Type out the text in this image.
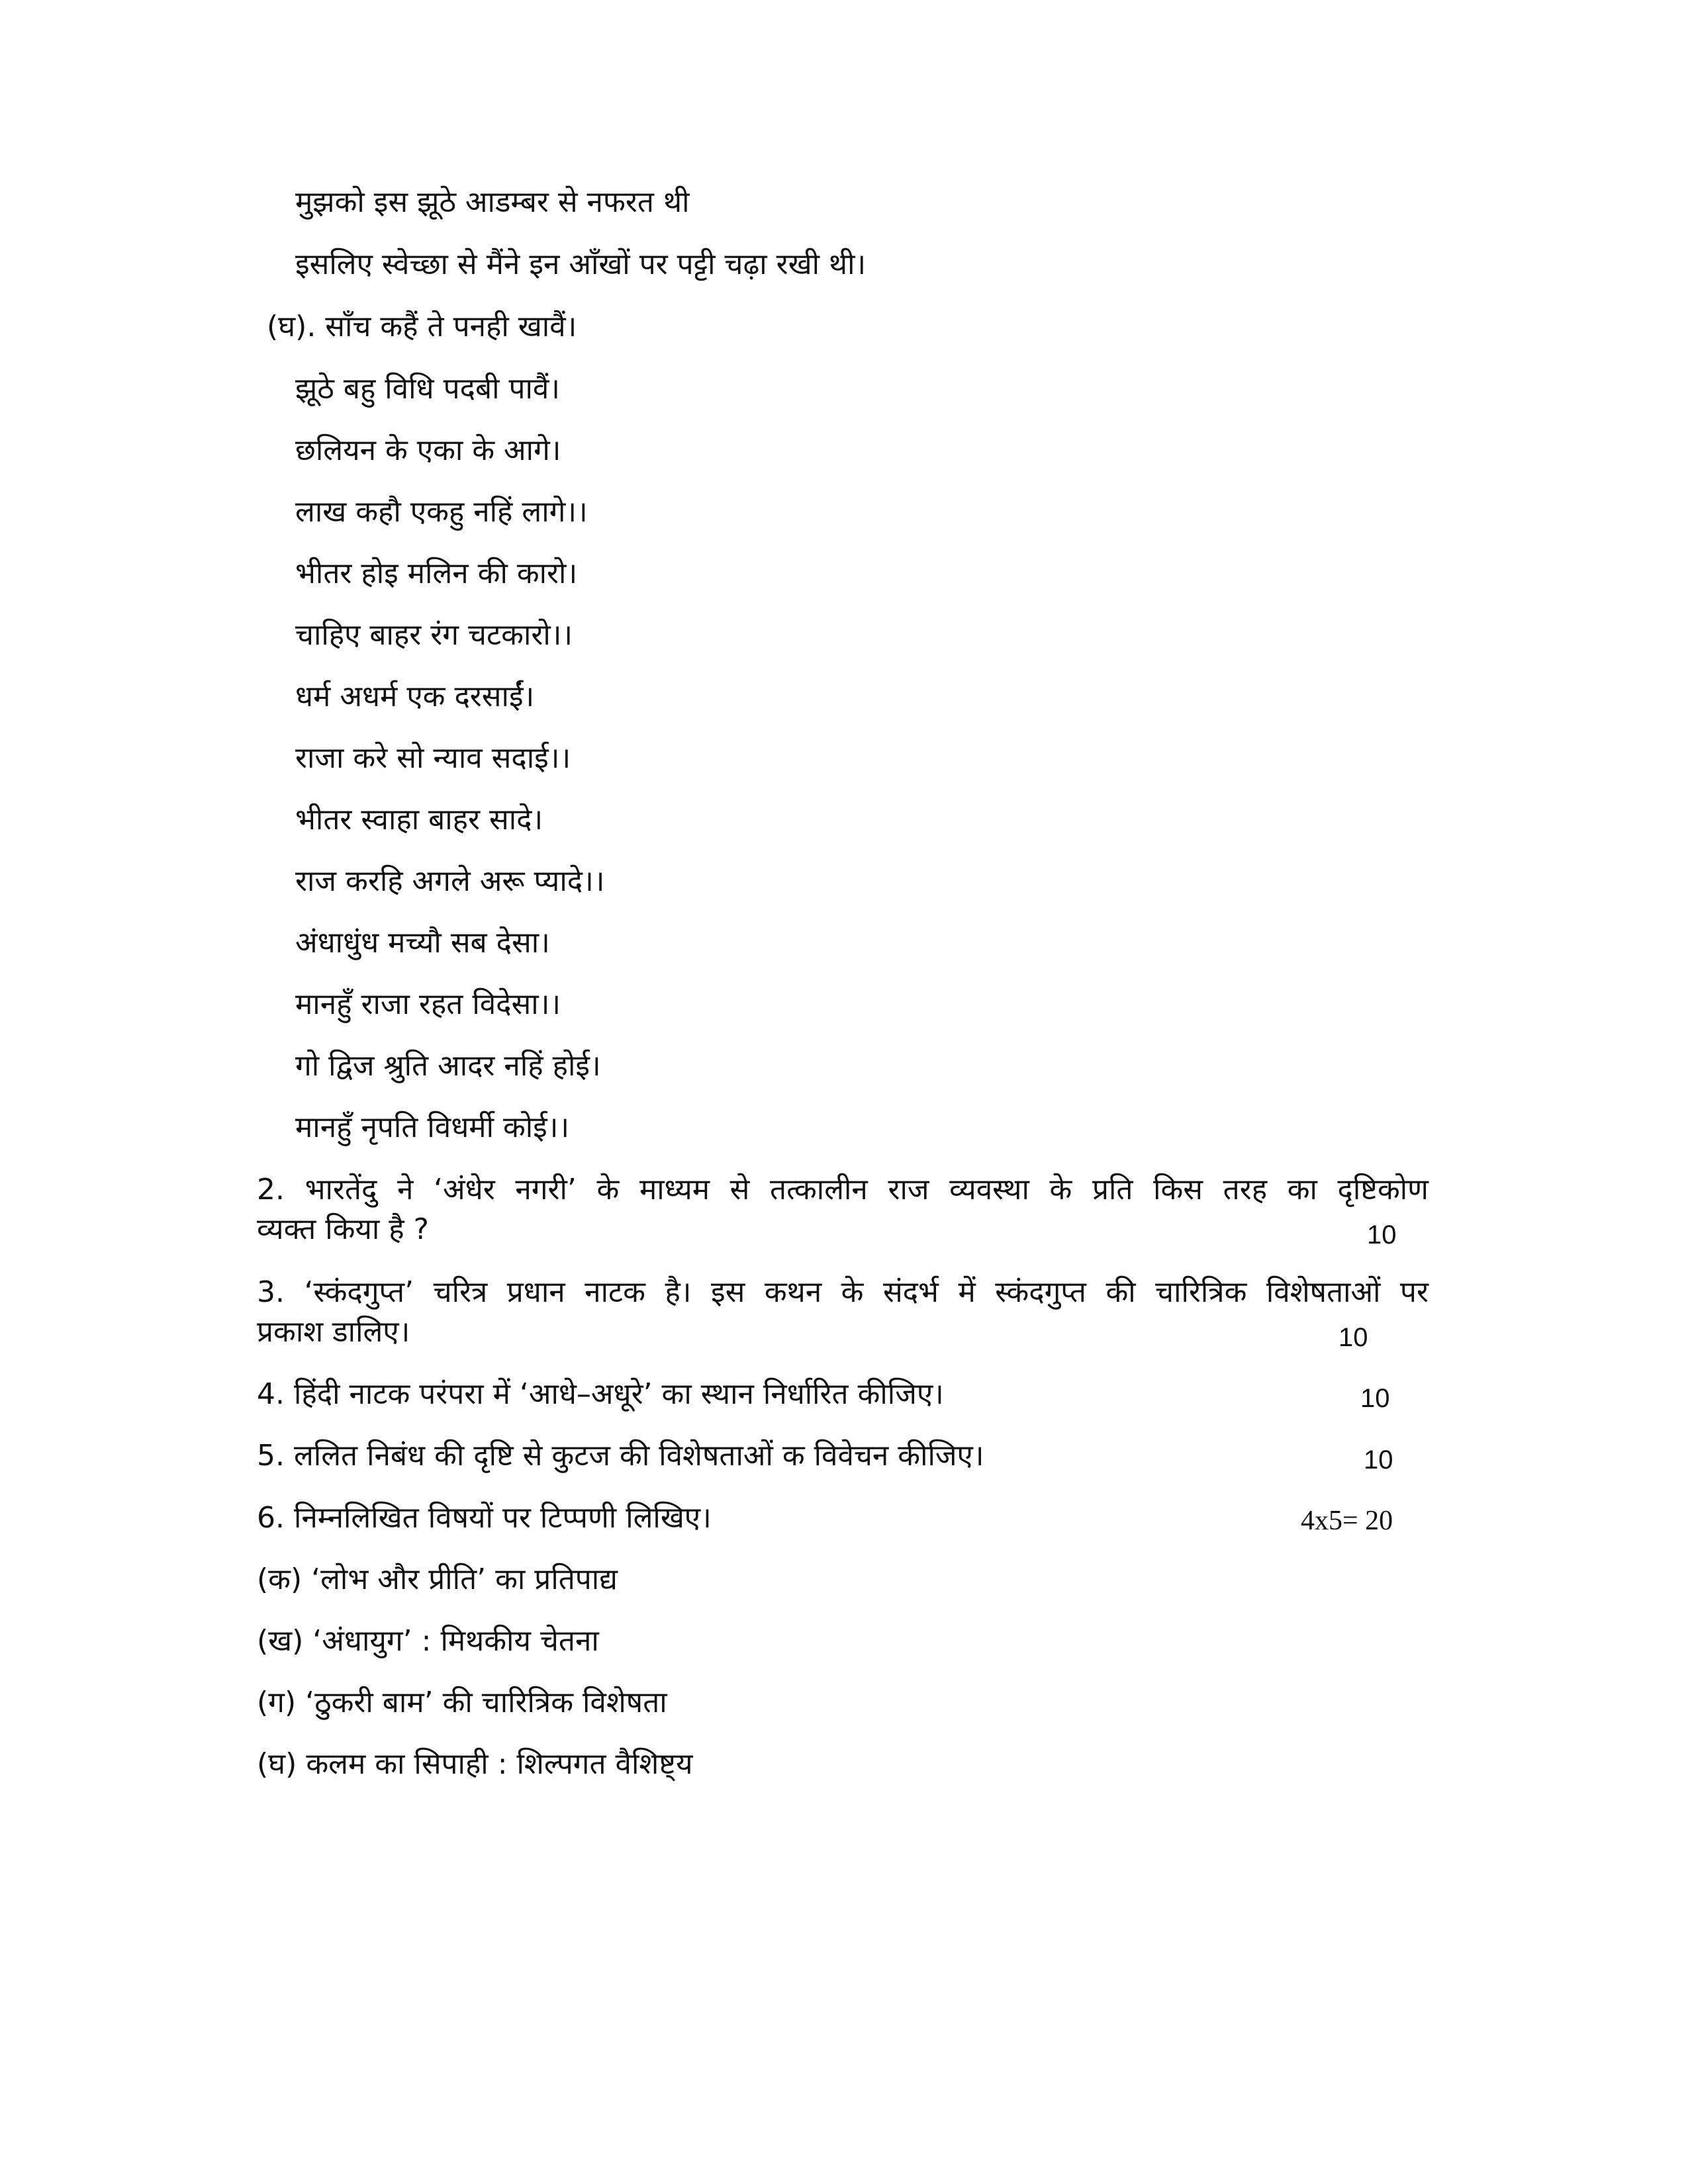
मुझको इस झूठे आडम्बर से नफरत थी
इसलिए स्वेच्छा से मैंने इन आँखों पर पट्टी चढ़ा रखी थी।
(घ). साँच कहैं ते पनही खावैं।
झूठे बहु विधि पदबी पावैं।
छलियन के एका के आगे।
लाख कहौ एकहु नहिं लागे।।
भीतर होइ मलिन की कारो।
चाहिए बाहर रंग चटकारो।।
धर्म अधर्म एक दरसाईं।
राजा करे सो न्याव सदाई।।
भीतर स्वाहा बाहर सादे।
राज करहि अगले अरू प्यादे।।
अंधाधुंध मच्यौ सब देसा।
मानहुँ राजा रहत विदेसा।।
गो द्विज श्रुति आदर नहिं होई।
मानहुँ नृपति विधर्मी कोई।।
2. भारतेंदु ने ‘अंधेर नगरी’ के माध्यम से तत्कालीन राज व्यवस्था के प्रति किस तरह का दृष्टिकोण
व्यक्त किया है ?	10
3. ‘स्कंदगुप्त’ चरित्र प्रधान नाटक है। इस कथन के संदर्भ में स्कंदगुप्त की चारित्रिक विशेषताओं पर
प्रकाश डालिए।	10
4. हिंदी नाटक परंपरा में ‘आधे–अधूरे’ का स्थान निर्धारित कीजिए।	10
5. ललित निबंध की दृष्टि से कुटज की विशेषताओं क विवेचन कीजिए।	10
6. निम्नलिखित विषयों पर टिप्पणी लिखिए।	4x5= 20
(क) ‘लोभ और प्रीति’ का प्रतिपाद्य
(ख) ‘अंधायुग’ : मिथकीय चेतना
(ग) ‘ठुकरी बाम’ की चारित्रिक विशेषता
(घ) कलम का सिपाही : शिल्पगत वैशिष्ट्य
